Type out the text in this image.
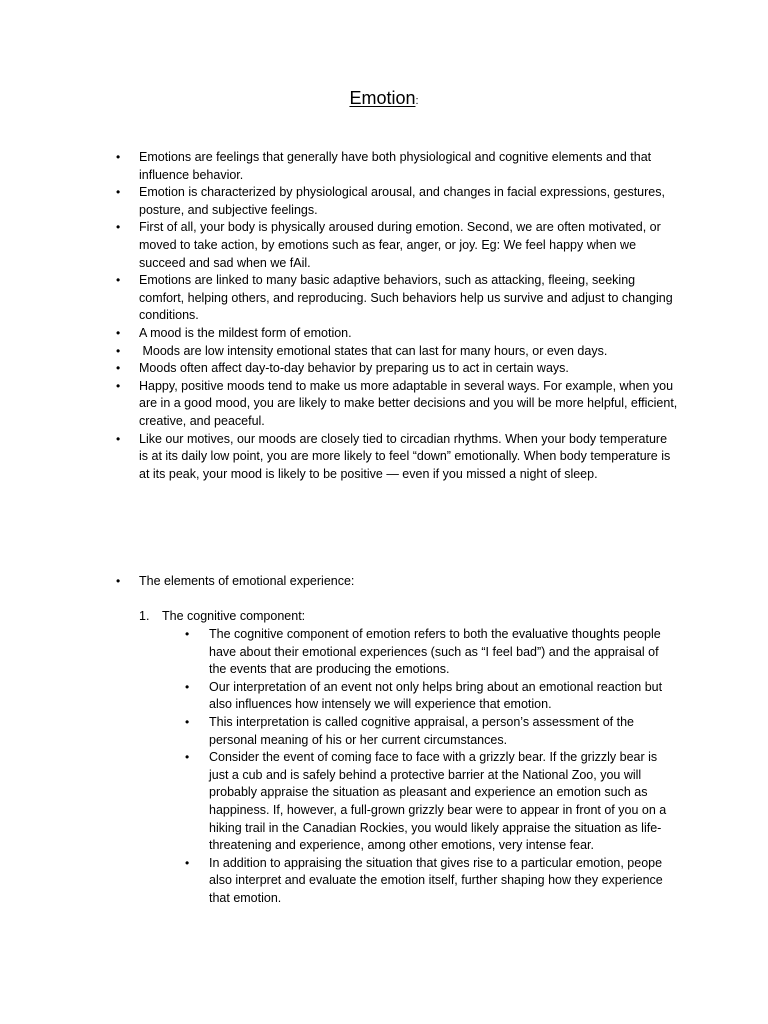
Emotion:
• Emotions are feelings that generally have both physiological and cognitive elements and that influence behavior.
• Emotion is characterized by physiological arousal, and changes in facial expressions, gestures, posture, and subjective feelings.
• First of all, your body is physically aroused during emotion. Second, we are often motivated, or moved to take action, by emotions such as fear, anger, or joy. Eg: We feel happy when we succeed and sad when we fAil.
• Emotions are linked to many basic adaptive behaviors, such as attacking, fleeing, seeking comfort, helping others, and reproducing. Such behaviors help us survive and adjust to changing conditions.
• A mood is the mildest form of emotion.
• Moods are low intensity emotional states that can last for many hours, or even days.
• Moods often affect day-to-day behavior by preparing us to act in certain ways.
• Happy, positive moods tend to make us more adaptable in several ways. For example, when you are in a good mood, you are likely to make better decisions and you will be more helpful, efficient, creative, and peaceful.
• Like our motives, our moods are closely tied to circadian rhythms. When your body temperature is at its daily low point, you are more likely to feel “down” emotionally. When body temperature is at its peak, your mood is likely to be positive — even if you missed a night of sleep.
• The elements of emotional experience:
1. The cognitive component:
• The cognitive component of emotion refers to both the evaluative thoughts people have about their emotional experiences (such as “I feel bad”) and the appraisal of the events that are producing the emotions.
• Our interpretation of an event not only helps bring about an emotional reaction but also influences how intensely we will experience that emotion.
• This interpretation is called cognitive appraisal, a person’s assessment of the personal meaning of his or her current circumstances.
• Consider the event of coming face to face with a grizzly bear. If the grizzly bear is just a cub and is safely behind a protective barrier at the National Zoo, you will probably appraise the situation as pleasant and experience an emotion such as happiness. If, however, a full-grown grizzly bear were to appear in front of you on a hiking trail in the Canadian Rockies, you would likely appraise the situation as life-threatening and experience, among other emotions, very intense fear.
• In addition to appraising the situation that gives rise to a particular emotion, peope also interpret and evaluate the emotion itself, further shaping how they experience that emotion.
